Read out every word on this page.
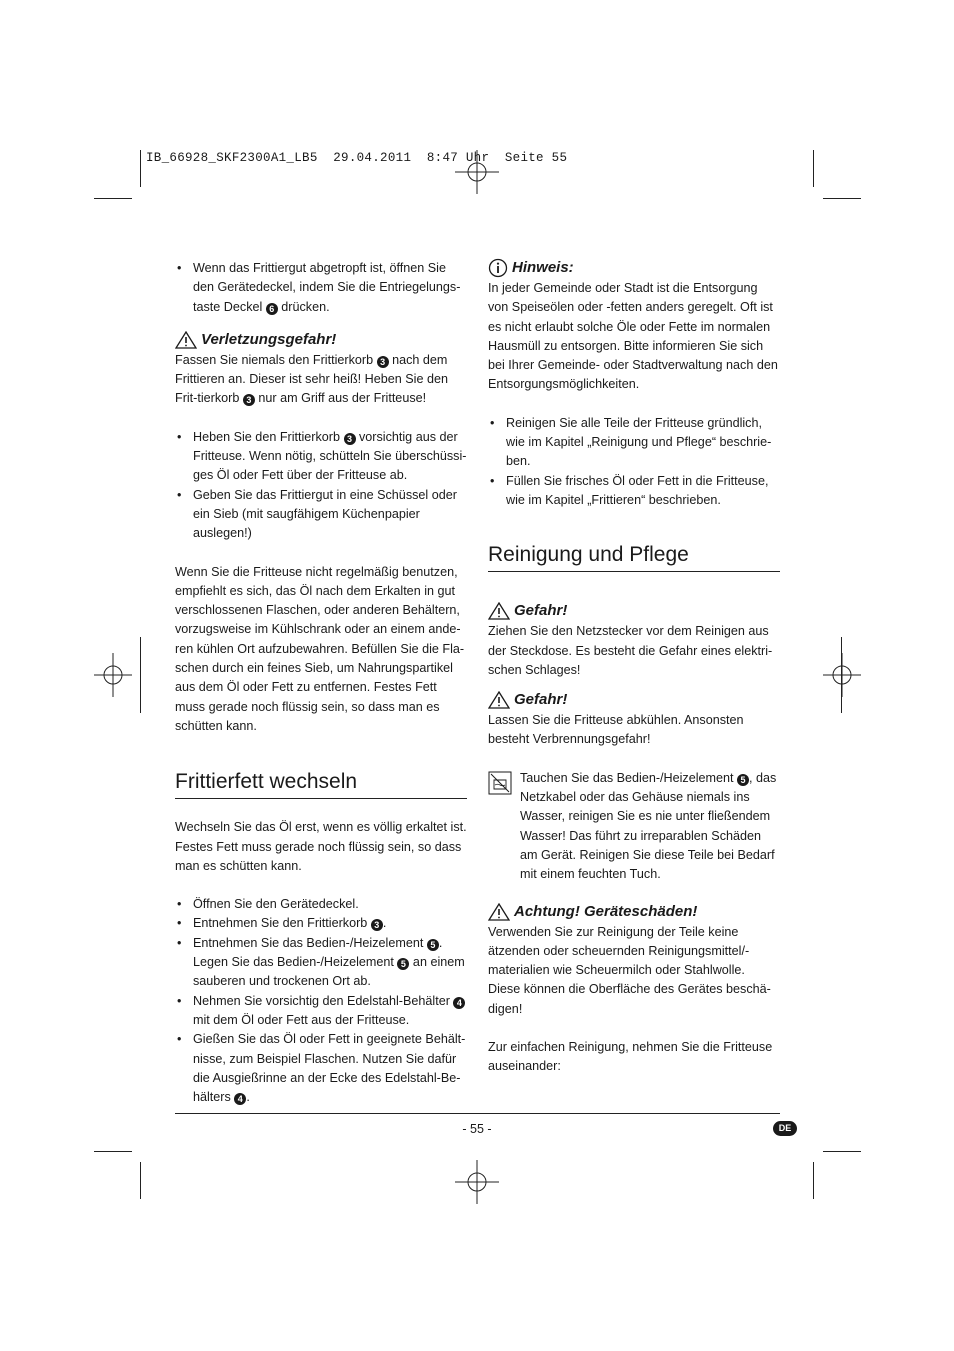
IB_66928_SKF2300A1_LB5  29.04.2011  8:47 Uhr  Seite 55
• Wenn das Frittiergut abgetropft ist, öffnen Sie den Gerätedeckel, indem Sie die Entriegelungs-taste Deckel 6 drücken.
Verletzungsgefahr!

Fassen Sie niemals den Frittierkorb 3 nach dem Frittieren an. Dieser ist sehr heiß! Heben Sie den Frit-tierkorb 3 nur am Griff aus der Fritteuse!

• Heben Sie den Frittierkorb 3 vorsichtig aus der Fritteuse. Wenn nötig, schütteln Sie überschüssi-ges Öl oder Fett über der Fritteuse ab.
• Geben Sie das Frittiergut in eine Schüssel oder ein Sieb (mit saugfähigem Küchenpapier auslegen!)

Wenn Sie die Fritteuse nicht regelmäßig benutzen, empfiehlt es sich, das Öl nach dem Erkalten in gut verschlossenen Flaschen, oder anderen Behältern, vorzugsweise im Kühlschrank oder an einem ande-ren kühlen Ort aufzubewahren. Befüllen Sie die Fla-schen durch ein feines Sieb, um Nahrungspartikel aus dem Öl oder Fett zu entfernen. Festes Fett muss gerade noch flüssig sein, so dass man es schütten kann.

Frittierfett wechseln

Wechseln Sie das Öl erst, wenn es völlig erkaltet ist. Festes Fett muss gerade noch flüssig sein, so dass man es schütten kann.

• Öffnen Sie den Gerätedeckel.
• Entnehmen Sie den Frittierkorb 3 .
• Entnehmen Sie das Bedien-/Heizelement 5 . Legen Sie das Bedien-/Heizelement 5 an einem sauberen und trockenen Ort ab.
• Nehmen Sie vorsichtig den Edelstahl-Behälter 4 mit dem Öl oder Fett aus der Fritteuse.
• Gießen Sie das Öl oder Fett in geeignete Behält-nisse, zum Beispiel Flaschen. Nutzen Sie dafür die Ausgießrinne an der Ecke des Edelstahl-Be-hälters 4 .
Hinweis:

In jeder Gemeinde oder Stadt ist die Entsorgung von Speiseölen oder -fetten anders geregelt. Oft ist es nicht erlaubt solche Öle oder Fette im normalen Hausmüll zu entsorgen. Bitte informieren Sie sich bei Ihrer Gemeinde- oder Stadtverwaltung nach den Entsorgungsmöglichkeiten.

• Reinigen Sie alle Teile der Fritteuse gründlich, wie im Kapitel „Reinigung und Pflege“ beschrie-ben.
• Füllen Sie frisches Öl oder Fett in die Fritteuse, wie im Kapitel „Frittieren“ beschrieben.
Reinigung und Pflege
Gefahr!

Ziehen Sie den Netzstecker vor dem Reinigen aus der Steckdose. Es besteht die Gefahr eines elektri-schen Schlages!

Gefahr!

Lassen Sie die Fritteuse abkühlen. Ansonsten besteht Verbrennungsgefahr!

Tauchen Sie das Bedien-/Heizelement 5 , das Netzkabel oder das Gehäuse niemals ins Wasser, reinigen Sie es nie unter fließendem Wasser! Das führt zu irreparablen Schäden am Gerät. Reinigen Sie diese Teile bei Bedarf mit einem feuchten Tuch.

Achtung! Geräteschäden!

Verwenden Sie zur Reinigung der Teile keine ätzenden oder scheuernden Reinigungsmittel/-materialien wie Scheuermilch oder Stahlwolle. Diese können die Oberfläche des Gerätes beschä-digen!

Zur einfachen Reinigung, nehmen Sie die Fritteuse auseinander:

- 55 -	DE
